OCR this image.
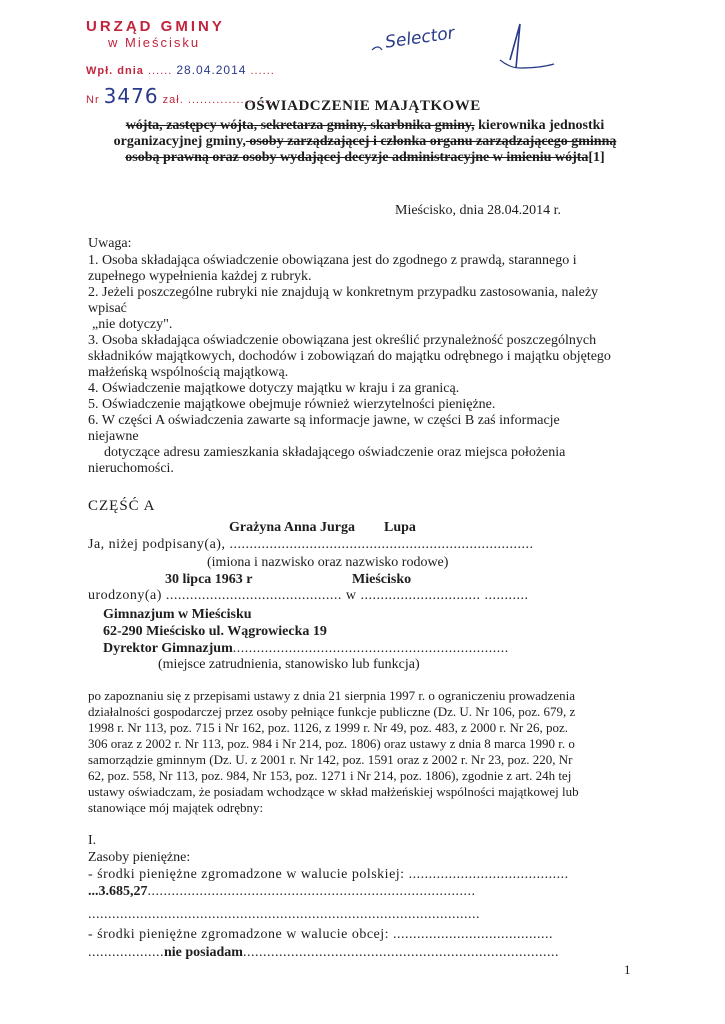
URZĄD GMINY
w Mieścisku
Wpł. dnia ...... 28.04.2014 ......
Nr 3476 zał. ......................
Selector
OŚWIADCZENIE MAJĄTKOWE
wójta, zastępcy wójta, sekretarza gminy, skarbnika gminy, kierownika jednostki
organizacyjnej gminy, osoby zarządzającej i członka organu zarządzającego gminną
osobą prawną oraz osoby wydającej decyzje administracyjne w imieniu wójta[1]
Mieścisko, dnia 28.04.2014 r.
Uwaga:
1. Osoba składająca oświadczenie obowiązana jest do zgodnego z prawdą, starannego i
zupełnego wypełnienia każdej z rubryk.
2. Jeżeli poszczególne rubryki nie znajdują w konkretnym przypadku zastosowania, należy
wpisać
„nie dotyczy".
3. Osoba składająca oświadczenie obowiązana jest określić przynależność poszczególnych
składników majątkowych, dochodów i zobowiązań do majątku odrębnego i majątku objętego
małżeńską wspólnością majątkową.
4. Oświadczenie majątkowe dotyczy majątku w kraju i za granicą.
5. Oświadczenie majątkowe obejmuje również wierzytelności pieniężne.
6. W części A oświadczenia zawarte są informacje jawne, w części B zaś informacje
niejawne
dotyczące adresu zamieszkania składającego oświadczenie oraz miejsca położenia
nieruchomości.
CZĘŚĆ A
Grażyna Anna Jurga Lupa
Ja, niżej podpisany(a), ............................................................................
(imiona i nazwisko oraz nazwisko rodowe)
30 lipca 1963 r	Mieścisko
urodzony(a) ............................................ w .............................. ...........
Gimnazjum w Mieścisku
62-290 Mieścisko ul. Wągrowiecka 19
Dyrektor Gimnazjum.....................................................................
(miejsce zatrudnienia, stanowisko lub funkcja)
po zapoznaniu się z przepisami ustawy z dnia 21 sierpnia 1997 r. o ograniczeniu prowadzenia
działalności gospodarczej przez osoby pełniące funkcje publiczne (Dz. U. Nr 106, poz. 679, z
1998 r. Nr 113, poz. 715 i Nr 162, poz. 1126, z 1999 r. Nr 49, poz. 483, z 2000 r. Nr 26, poz.
306 oraz z 2002 r. Nr 113, poz. 984 i Nr 214, poz. 1806) oraz ustawy z dnia 8 marca 1990 r. o
samorządzie gminnym (Dz. U. z 2001 r. Nr 142, poz. 1591 oraz z 2002 r. Nr 23, poz. 220, Nr
62, poz. 558, Nr 113, poz. 984, Nr 153, poz. 1271 i Nr 214, poz. 1806), zgodnie z art. 24h tej
ustawy oświadczam, że posiadam wchodzące w skład małżeńskiej wspólności majątkowej lub
stanowiące mój majątek odrębny:
I.
Zasoby pieniężne:
- środki pieniężne zgromadzone w walucie polskiej: ........................................
...3.685,27..................................................................................
..................................................................................................
- środki pieniężne zgromadzone w walucie obcej: ........................................
...................nie posiadam...............................................................................
1
